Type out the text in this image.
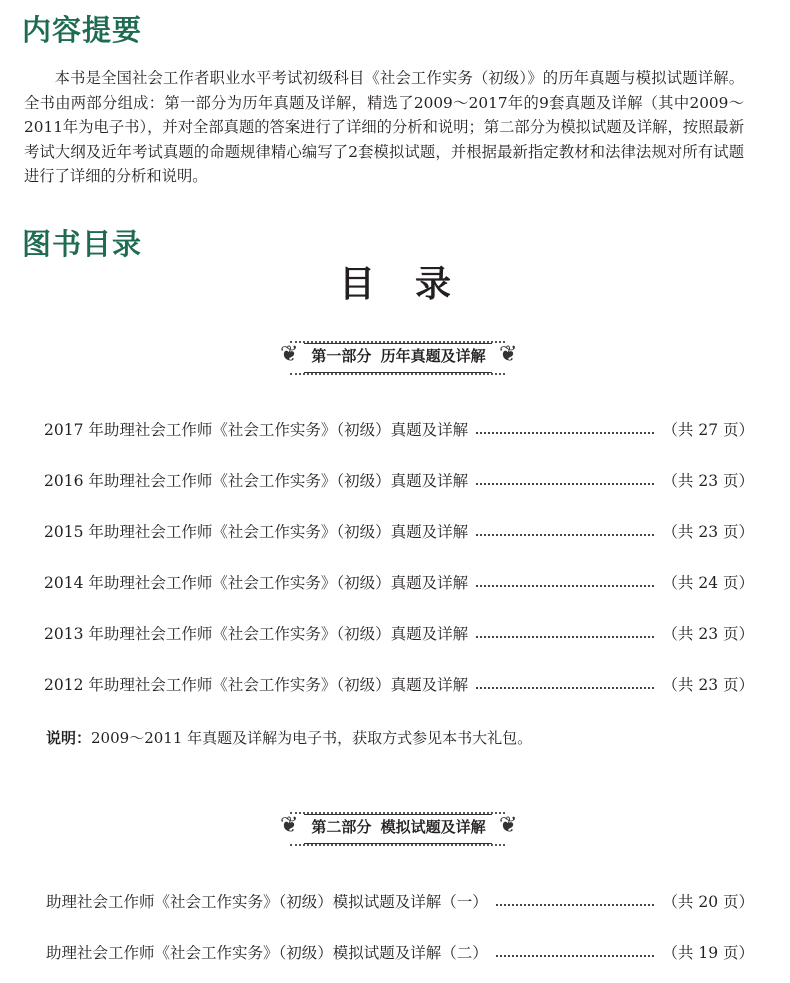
内容提要

本书是全国社会工作者职业水平考试初级科目《社会工作实务（初级）》的历年真题与模拟试题详解。全书由两部分组成：第一部分为历年真题及详解，精选了2009～2017年的9套真题及详解（其中2009～2011年为电子书），并对全部真题的答案进行了详细的分析和说明；第二部分为模拟试题及详解，按照最新考试大纲及近年考试真题的命题规律精心编写了2套模拟试题，并根据最新指定教材和法律法规对所有试题进行了详细的分析和说明。

图书目录
目录
❦	❦
第一部分 历年真题及详解
2017 年助理社会工作师《社会工作实务》（初级）真题及详解	（共 27 页）
2016 年助理社会工作师《社会工作实务》（初级）真题及详解	（共 23 页）
2015 年助理社会工作师《社会工作实务》（初级）真题及详解	（共 23 页）
2014 年助理社会工作师《社会工作实务》（初级）真题及详解	（共 24 页）
2013 年助理社会工作师《社会工作实务》（初级）真题及详解	（共 23 页）
2012 年助理社会工作师《社会工作实务》（初级）真题及详解	（共 23 页）

说明：2009～2011 年真题及详解为电子书，获取方式参见本书大礼包。

❦	❦
第二部分 模拟试题及详解
助理社会工作师《社会工作实务》（初级）模拟试题及详解（一）	（共 20 页）
助理社会工作师《社会工作实务》（初级）模拟试题及详解（二）	（共 19 页）
